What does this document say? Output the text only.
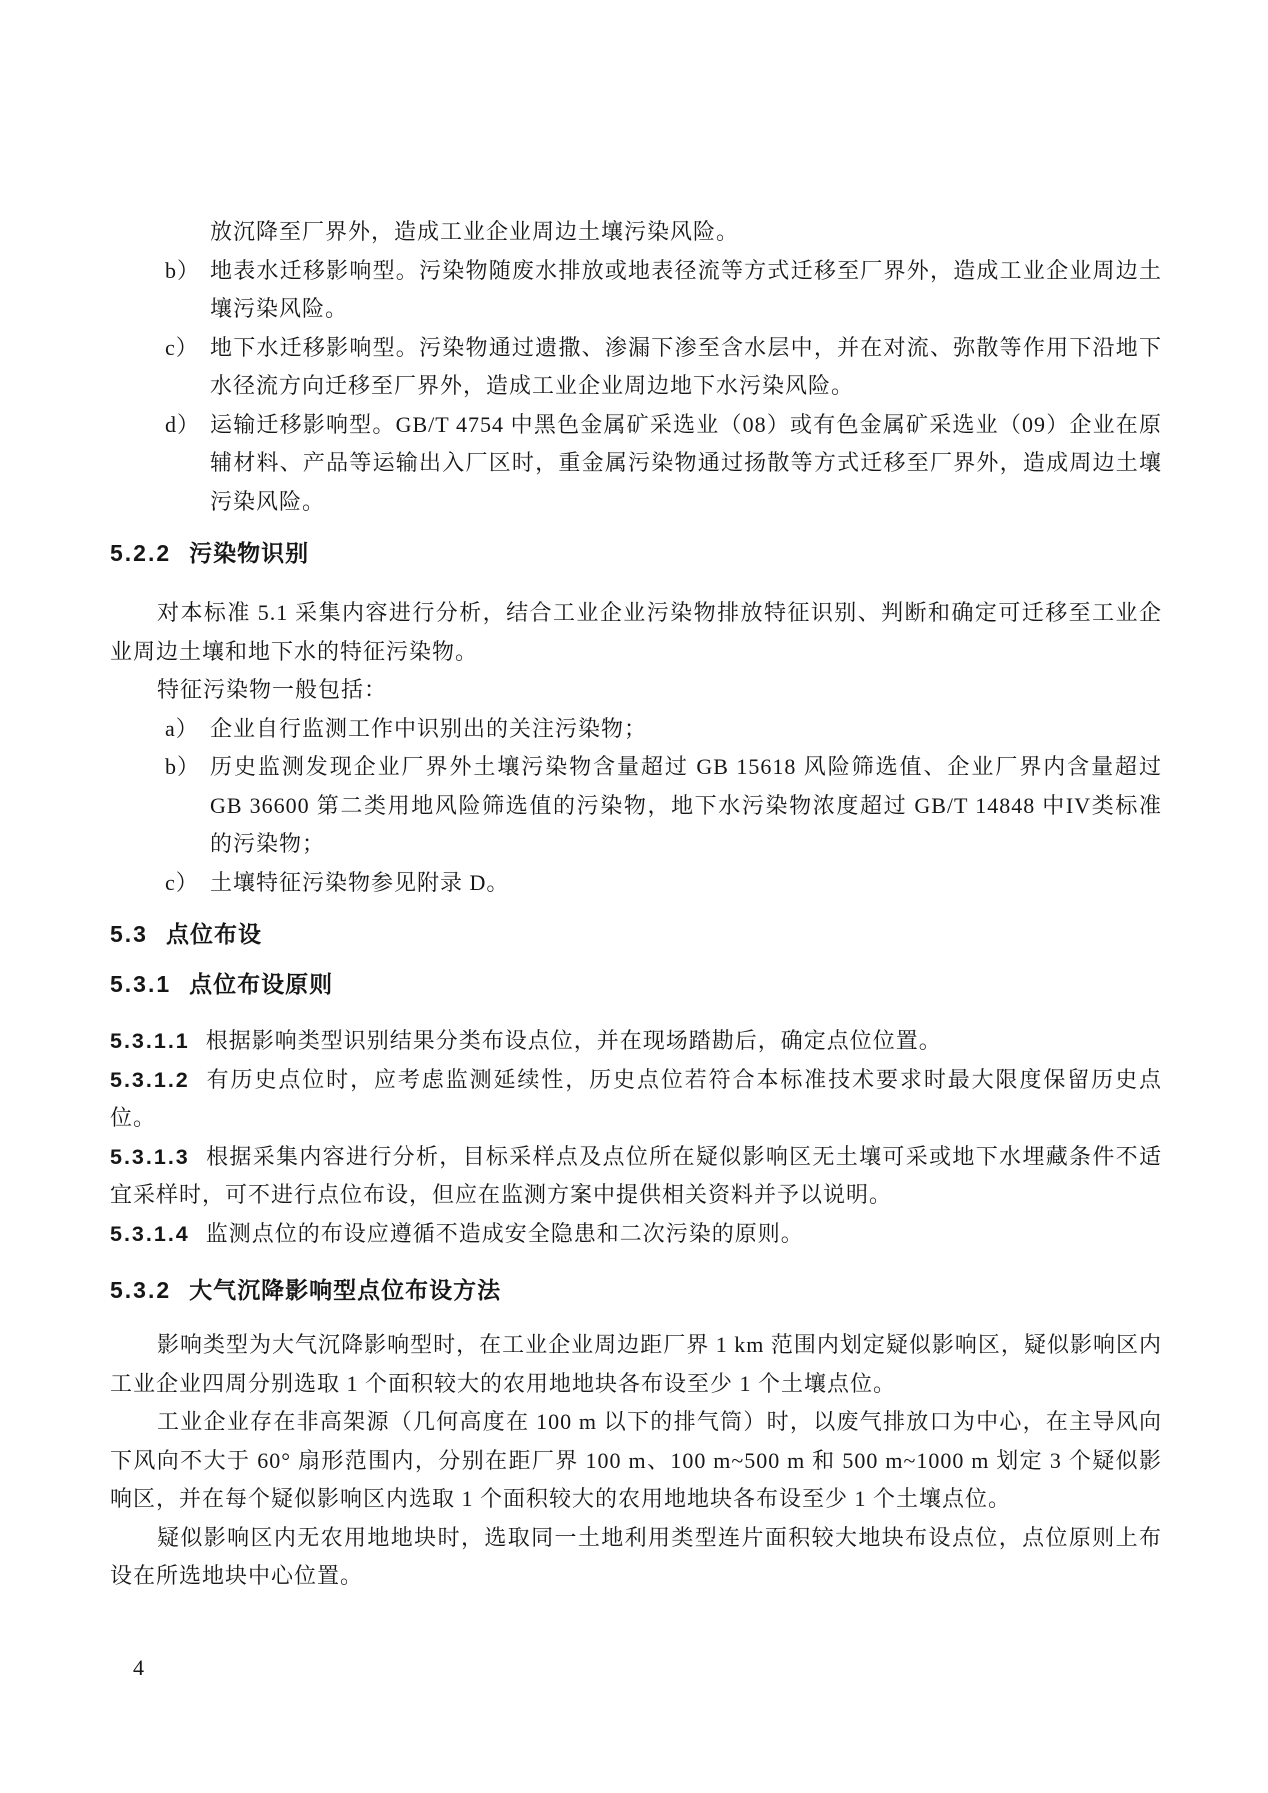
放沉降至厂界外，造成工业企业周边土壤污染风险。

b） 地表水迁移影响型。污染物随废水排放或地表径流等方式迁移至厂界外，造成工业企业周边土壤污染风险。
c） 地下水迁移影响型。污染物通过遗撒、渗漏下渗至含水层中，并在对流、弥散等作用下沿地下水径流方向迁移至厂界外，造成工业企业周边地下水污染风险。
d） 运输迁移影响型。GB/T 4754 中黑色金属矿采选业（08）或有色金属矿采选业（09）企业在原辅材料、产品等运输出入厂区时，重金属污染物通过扬散等方式迁移至厂界外，造成周边土壤污染风险。
5.2.2 污染物识别

对本标准 5.1 采集内容进行分析，结合工业企业污染物排放特征识别、判断和确定可迁移至工业企业周边土壤和地下水的特征污染物。

特征污染物一般包括：

a） 企业自行监测工作中识别出的关注污染物；
b） 历史监测发现企业厂界外土壤污染物含量超过 GB 15618 风险筛选值、企业厂界内含量超过 GB 36600 第二类用地风险筛选值的污染物，地下水污染物浓度超过 GB/T 14848 中IV类标准的污染物；
c） 土壤特征污染物参见附录 D。
5.3 点位布设
5.3.1 点位布设原则

5.3.1.1 根据影响类型识别结果分类布设点位，并在现场踏勘后，确定点位位置。

5.3.1.2 有历史点位时，应考虑监测延续性，历史点位若符合本标准技术要求时最大限度保留历史点位。

5.3.1.3 根据采集内容进行分析，目标采样点及点位所在疑似影响区无土壤可采或地下水埋藏条件不适宜采样时，可不进行点位布设，但应在监测方案中提供相关资料并予以说明。

5.3.1.4 监测点位的布设应遵循不造成安全隐患和二次污染的原则。

5.3.2 大气沉降影响型点位布设方法

影响类型为大气沉降影响型时，在工业企业周边距厂界 1 km 范围内划定疑似影响区，疑似影响区内工业企业四周分别选取 1 个面积较大的农用地地块各布设至少 1 个土壤点位。

工业企业存在非高架源（几何高度在 100 m 以下的排气筒）时，以废气排放口为中心，在主导风向下风向不大于 60° 扇形范围内，分别在距厂界 100 m、100 m~500 m 和 500 m~1000 m 划定 3 个疑似影响区，并在每个疑似影响区内选取 1 个面积较大的农用地地块各布设至少 1 个土壤点位。

疑似影响区内无农用地地块时，选取同一土地利用类型连片面积较大地块布设点位，点位原则上布设在所选地块中心位置。

4
